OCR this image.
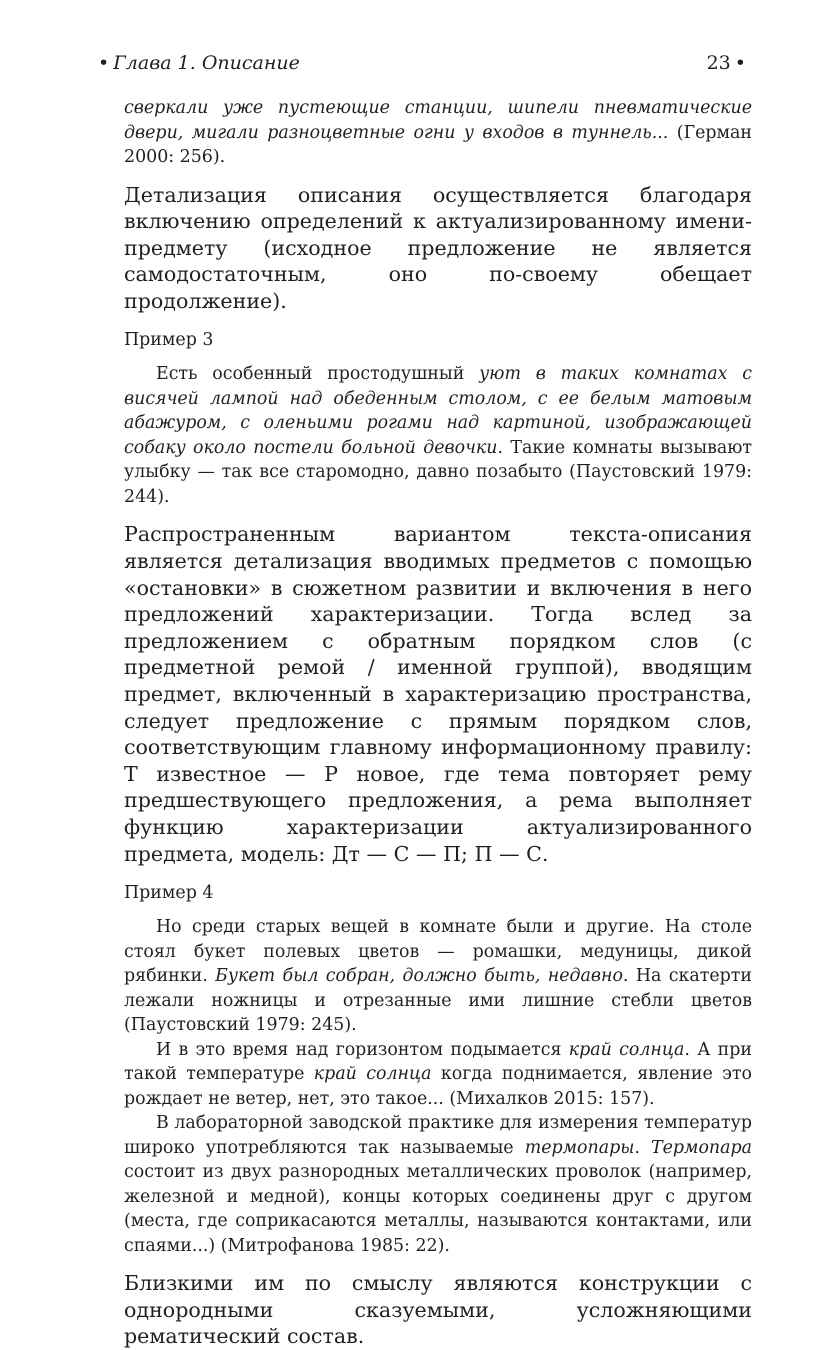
• Глава 1. Описание	23 •

сверкали уже пустеющие станции, шипели пневматические двери, мигали разноцветные огни у входов в туннель... (Герман 2000: 256).

Детализация описания осуществляется благодаря включению определений к актуализированному имени-предмету (исходное предложение не является самодостаточным, оно по-своему обещает продолжение).

Пример 3

Есть особенный простодушный уют в таких комнатах с висячей лампой над обеденным столом, с ее белым матовым абажуром, с оленьими рогами над картиной, изображающей собаку около постели больной девочки. Такие комнаты вызывают улыбку — так все старомодно, давно позабыто (Паустовский 1979: 244).

Распространенным вариантом текста-описания является детализация вводимых предметов с помощью «остановки» в сюжетном развитии и включения в него предложений характеризации. Тогда вслед за предложением с обратным порядком слов (с предметной ремой / именной группой), вводящим предмет, включенный в характеризацию пространства, следует предложение с прямым порядком слов, соответствующим главному информационному правилу: Т известное — Р новое, где тема повторяет рему предшествующего предложения, а рема выполняет функцию характеризации актуализированного предмета, модель: Дт — С — П; П — С.

Пример 4

Но среди старых вещей в комнате были и другие. На столе стоял букет полевых цветов — ромашки, медуницы, дикой рябинки. Букет был собран, должно быть, недавно. На скатерти лежали ножницы и отрезанные ими лишние стебли цветов (Паустовский 1979: 245).

И в это время над горизонтом подымается край солнца. А при такой температуре край солнца когда поднимается, явление это рождает не ветер, нет, это такое... (Михалков 2015: 157).

В лабораторной заводской практике для измерения температур широко употребляются так называемые термопары. Термопара состоит из двух разнородных металлических проволок (например, железной и медной), концы которых соединены друг с другом (места, где соприкасаются металлы, называются контактами, или спаями...) (Митрофанова 1985: 22).

Близкими им по смыслу являются конструкции с однородными сказуемыми, усложняющими рематический состав.
